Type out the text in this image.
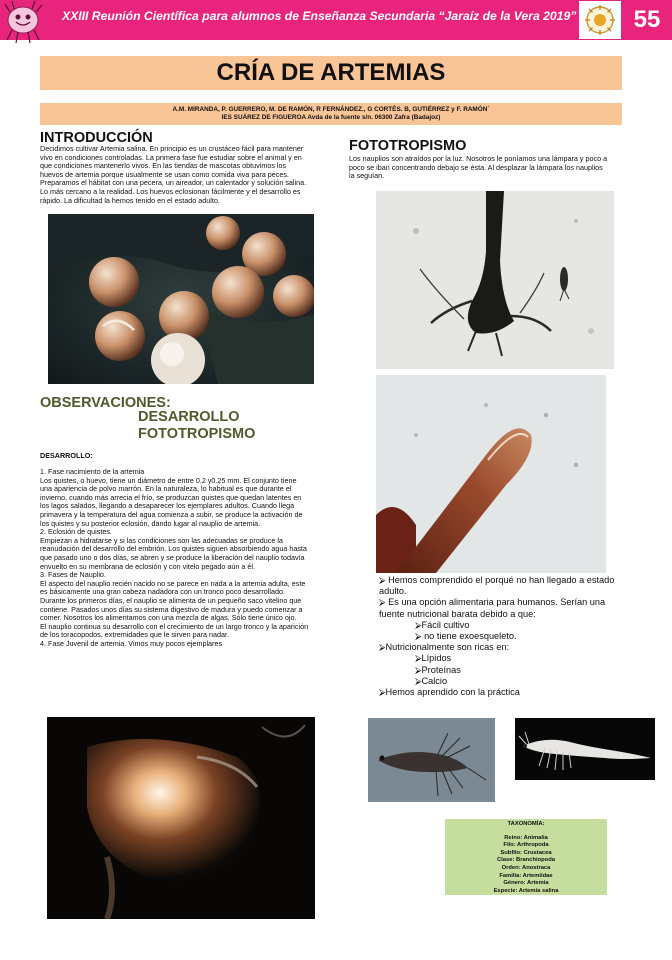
XXIII Reunión Científica para alumnos de Enseñanza Secundaria “Jaraíz de la Vera 2019”	55
CRÍA DE ARTEMIAS
A.M. MIRANDA, P. GUERRERO, M. DE RAMÓN, R FERNÁNDEZ., G CORTÉS. B, GUTIÉRREZ y F. RAMÓN´
IES SUÁREZ DE FIGUEROA Avda de la fuente s/n. 06300 Zafra (Badajoz)
INTRODUCCIÓN

Decidimos cultivar Artemia salina. En principio es un crustáceo fácil para mantener

vivo en condiciones controladas. La primera fase fue estudiar sobre el animal y en

que condiciones mantenerlo vivos. En las tiendas de mascotas obtuvimos los

huevos de artemia porque usualmente se usan como comida viva para peces.

Preparamos el hábitat con una pecera, un aireador, un calentador y solución salina.

Lo más cercano a la realidad. Los huevos eclosionan fácilmente y el desarrollo es

rápido. La dificultad la hemos tenido en el estado adulto.

OBSERVACIONES:
DESARROLLO
FOTOTROPISMO
DESARROLLO:

1. Fase nacimiento de la artemia

Los quistes, o huevo, tiene un diámetro de entre 0.2 y0.25 mm. El conjunto tiene

una apariencia de polvo marrón. En la naturaleza, lo habitual es que durante el

invierno, cuando más arrecia el frío, se produzcan quistes que quedan latentes en

los lagos salados, llegando a desaparecer los ejemplares adultos. Cuando llega

primavera y la temperatura del agua comienza a subir, se produce la activación de

los quistes y su posterior eclosión, dando lugar al nauplio de artemia.

2. Eclosión de quistes.

Empiezan a hidratarse y si las condiciones son las adecuadas se produce la

reanudación del desarrollo del embrión. Los quistes siguen absorbiendo agua hasta

que pasado uno o dos días, se abren y se produce la liberación del nauplio todavía

envuelto en su membrana de eclosión y con vitelo pegado aún a él.

3. Fases de Nauplio.

El aspecto del nauplio recién nacido no se parece en nada a la artemia adulta, este

es básicamente una gran cabeza nadadora con un tronco poco desarrollado.

Durante los primeros días, el nauplio se alimenta de un pequeño saco vitelino que

contiene. Pasados unos días su sistema digestivo de madura y puedo comenzar a

comer. Nosotros los alimentamos con una mezcla de algas. Sólo tiene único ojo.

El nauplio continua su desarrollo con el crecimiento de un largo tronco y la aparición

de los toracopodos, extremidades que le sirven para nadar.

4. Fase Juvenil de artemia. Vimos muy pocos ejemplares

FOTOTROPISMO

Los nauplios son atraídos por la luz. Nosotros le poníamos una lámpara y poco a

poco se iban concentrando debajo se ésta. Al desplazar la lámpara los nauplios

la seguían.

⮚ Hemos comprendido el porqué no han llegado a estado
adulto.
⮚ Es una opción alimentaria para humanos. Serían una
fuente nutricional barata debido a que:
⮚Fácil cultivo
⮚ no tiene exoesqueleto.
⮚Nutricionalmente son ricas en:
⮚Lípidos
⮚Proteínas
⮚Calcio
⮚Hemos aprendido con la práctica
TAXONOMÍA:
Reino: Animalia
Filo: Arthropoda
Subfilo: Crustacea
Clase: Branchiopoda
Orden: Anostraca
Familia: Artemiidae
Género: Artemia
Especie: Artemia salina
